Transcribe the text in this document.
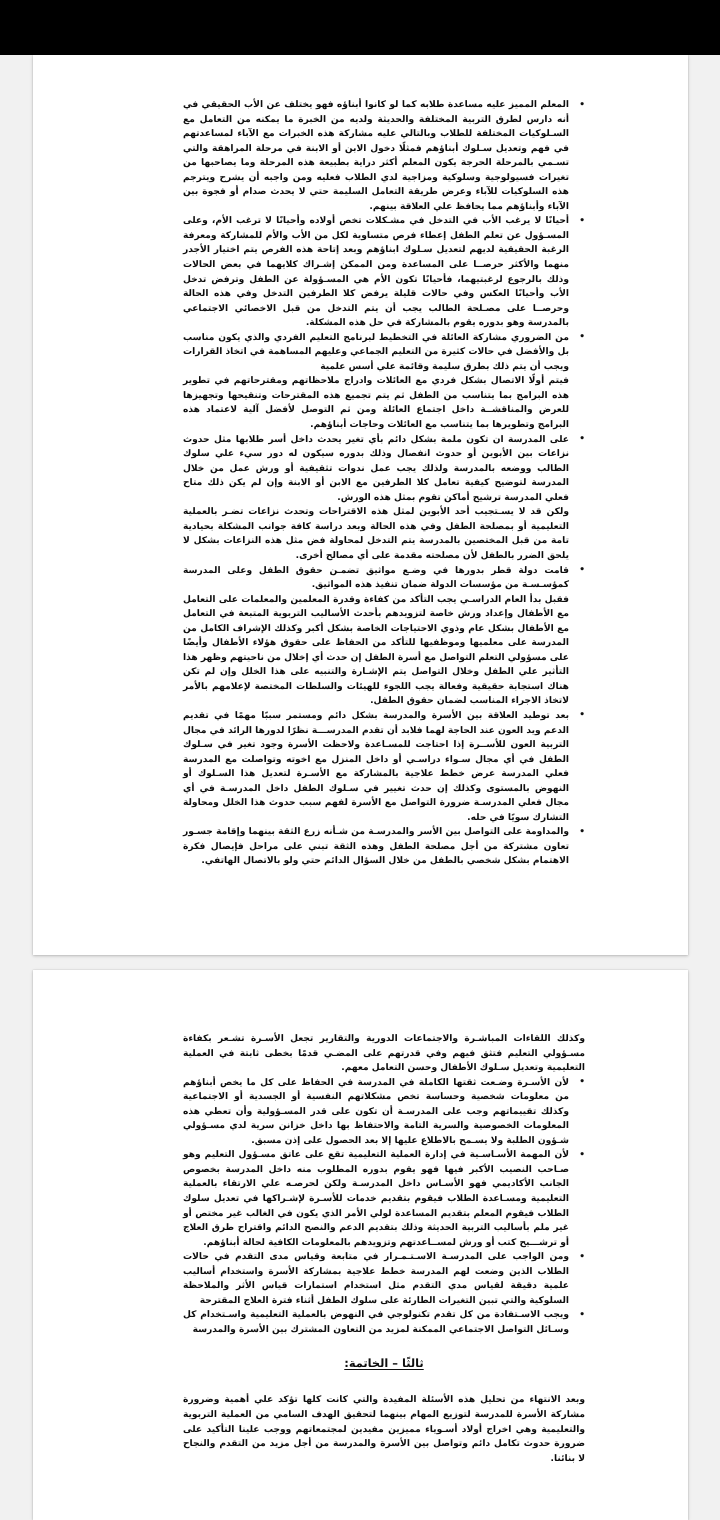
• المعلم المميز عليه مساعدة طلابه كما لو كانوا أبناؤه فهو يختلف عن الأب الحقيقي في أنه دارس لطرق التربية المختلفة والحديثة ولديه من الخبرة ما يمكنه من التعامل مع السـلوكيات المختلفة للطلاب وبالتالي عليه مشاركة هذه الخبرات مع الآباء لمساعدتهم في فهم وتعديل سـلوك أبناؤهم فمثلًا دخول الابن أو الابنة في مرحلة المراهقة والتي تسـمي بالمرحلة الحرجة يكون المعلم أكثر دراية بطبيعة هذه المرحلة وما يصاحبها من تغيرات فسيولوجية وسلوكية ومزاجية لدي الطلاب فعليه ومن واجبه أن يشرح ويترجم هذه السلوكيات للآباء وعرض طريقة التعامل السليمة حتي لا يحدث صدام أو فجوة بين الآباء وأبناؤهم مما يحافظ علي العلاقة بينهم.

• أحيانًا لا يرغب الأب في التدخل في مشـكلات تخص أولاده وأحيانًا لا ترغب الأم، وعلى المسـؤول عن تعلم الطفل إعطاء فرص متساوية لكل من الأب والأم للمشاركة ومعرفة الرغبة الحقيقية لديهم لتعديل سـلوك ابناؤهم وبعد إتاحة هذه الفرص يتم اختيار الأجدر منهما والأكثر حرصــا على المساعدة ومن الممكن إشـراك كلايهما في بعض الحالات وذلك بالرجوع لرغبتيهما، فأحيانًا تكون الأم هي المسـؤولة عن الطفل وترفض تدخل الأب وأحيانًا العكس وفي حالات قليلة يرفض كلا الطرفين التدخل وفي هذه الحالة وحرصــا على مصـلحة الطالب يجب أن يتم التدخل من قبل الاخصائي الاجتماعي بالمدرسة وهو بدوره يقوم بالمشاركة في حل هذه المشكلة.

• من الضروري مشاركة العائلة في التخطيط لبرنامج التعليم الفردي والذي يكون مناسب بل والأفضل في حالات كثيرة من التعليم الجماعي وعليهم المساهمة في اتخاذ القرارات ويجب أن يتم ذلك بطرق سليمة وقائمة علي أسس علمية

فيتم أولًا الاتصال بشكل فردي مع العائلات وادراج ملاحظاتهم ومقترحاتهم في تطوير هذه البرامج بما يتناسب من الطفل ثم يتم تجميع هذه المقترحات وتنقيحها وتجهيزها للعرض والمناقشــة داخل اجتماع العائلة ومن ثم التوصل لأفضل آلية لاعتماد هذه البرامج وتطويرها بما يتناسب مع العائلات وحاجات أبناؤهم.

• على المدرسة ان تكون ملمة بشكل دائم بأي تغير يحدث داخل أسر طلابها مثل حدوث نزاعات بين الأبوين أو حدوث انفصال وذلك بدوره سيكون له دور سيء علي سلوك الطالب ووضعه بالمدرسة ولذلك يجب عمل ندوات تثقيفية أو ورش عمل من خلال المدرسة لتوضيح كيفية تعامل كلا الطرفين مع الابن أو الابنة وإن لم يكن ذلك متاح فعلي المدرسة ترشيح أماكن تقوم بمثل هذه الورش.

ولكن قد لا يسـتجيب أحد الأبوين لمثل هذه الاقتراحات وتحدث نزاعات تضـر بالعملية التعليمية أو بمصلحة الطفل وفي هذه الحالة وبعد دراسة كافة جوانب المشكلة بحيادية تامة من قبل المختصين بالمدرسة يتم التدخل لمحاولة فض مثل هذه النزاعات بشكل لا يلحق الضرر بالطفل لأن مصلحته مقدمة على أي مصالح أخرى.

• قامت دولة قطر بدورها في وضـع مواثيق تضمـن حقوق الطفل وعلى المدرسة كمؤسـسـة من مؤسسات الدولة ضمان تنفيذ هذه المواثيق.

فقبل بدأ العام الدراسـي يجب التأكد من كفاءة وقدرة المعلمين والمعلمات على التعامل مع الأطفال وإعداد ورش خاصة لتزويدهم بأحدث الأساليب التربوية المتبعة في التعامل مع الأطفال بشكل عام وذوي الاحتياجات الخاصة بشكل أكبر وكذلك الإشراف الكامل من المدرسة على معلميها وموظفيها للتأكد من الحفاظ على حقوق هؤلاء الأطفال وأيضًا على مسؤولي التعلم التواصل مع أسرة الطفل إن حدث أي إخلال من ناحيتهم وظهر هذا التأثير علي الطفل وخلال التواصل يتم الإشـارة والتنبيه على هذا الخلل وإن لم تكن هناك استجابة حقيقية وفعالة يجب اللجوء للهيئات والسلطات المختصة لإعلامهم بالأمر لاتخاذ الاجراء المناسب لضمان حقوق الطفل.

• بعد توطيد العلاقة بين الأسرة والمدرسة بشكل دائم ومستمر سببًا مهمًا في تقديم الدعم ويد العون عند الحاجة لهما فلابد أن تقدم المدرســـة نظرًا لدورها الرائد في مجال التربية العون للأســرة إذا احتاجت للمسـاعدة ولاحظت الأسرة وجود تغير في سـلوك الطفل في أي مجال سـواء دراسـي أو داخل المنزل مع اخوته وتواصلت مع المدرسة فعلي المدرسة عرض خطط علاجية بالمشاركة مع الأسـرة لتعديل هذا السـلوك أو النهوض بالمستوى وكذلك إن حدث تغيير في سـلوك الطفل داخل المدرسـة في أي مجال فعلي المدرسـة ضرورة التواصل مع الأسرة لفهم سبب حدوث هذا الخلل ومحاولة التشارك سويًا في حله.

• والمداومة على التواصل بين الأسر والمدرسـة من شـأنه زرع الثقة بينهما وإقامة جسـور تعاون مشتركة من أجل مصلحة الطفل وهذه الثقة تبني على مراحل فإيصال فكرة الاهتمام بشكل شخصي بالطفل من خلال السؤال الدائم حتي ولو بالاتصال الهاتفي.

وكذلك اللقاءات المباشـرة والاجتماعات الدورية والتقارير تجعل الأسـرة تشـعر بكفاءة مسـؤولي التعليم فتثق فيهم وفي قدرتهم على المضـي قدمًا بخطى ثابتة في العملية التعليمية وتعديل سـلوك الأطفال وحسن التعامل معهم.

• لأن الأسـرة وضـعت ثقتها الكاملة في المدرسة في الحفاظ على كل ما يخص أبناؤهم من معلومات شخصية وحساسة تخص مشكلاتهم النفسية أو الجسدية أو الاجتماعية وكذلك تقييماتهم وجب على المدرسـة أن تكون على قدر المسـؤولية وأن تعطي هذه المعلومات الخصوصية والسرية التامة والاحتفاظ بها داخل خزانن سرية لدي مسـؤولي شـؤون الطلبة ولا يسـمح بالاطلاع عليها إلا بعد الحصول على إذن مسبق.

• لأن المهمة الأسـاسـية في إدارة العملية التعليمية تقع على عاتق مسـؤول التعليم وهو صـاحب النصيب الأكبر فيها فهو يقوم بدوره المطلوب منه داخل المدرسة بخصوص الجانب الأكاديمي فهو الأسـاس داخل المدرسـة ولكن لحرصـه علي الارتقاء بالعملية التعليمية ومسـاعدة الطلاب فيقوم بتقديم خدمات للأسـرة لإشـراكها في تعديل سلوك الطلاب فيقوم المعلم بتقديم المساعدة لولي الأمر الذي يكون في الغالب غير مختص أو غير ملم بأساليب التربية الحديثة وذلك بتقديم الدعم والنصح الدائم واقتراح طرق العلاج أو ترشـــيح كتب أو ورش لمســاعدتهم وتزويدهم بالمعلومات الكافية لحالة أبناؤهم.

• ومن الواجب على المدرسـة الاسـتـمـرار في متابعة وقياس مدى التقدم في حالات الطلاب الذين وضعت لهم المدرسة خطط علاجية بمشاركة الأسرة واستخدام أساليب علمية دقيقة لقياس مدي التقدم مثل استخدام استمارات قياس الأثر والملاحظة السلوكية والتي تبين التغيرات الطارئة على سلوك الطفل أثناء فترة العلاج المقترحة

• ويجب الاسـتفادة من كل تقدم تكنولوجي في النهوض بالعملية التعليمية واسـتخدام كل وسـائل التواصل الاجتماعي الممكنة لمزيد من التعاون المشترك بين الأسرة والمدرسة

ثالثًا – الخاتمة:

وبعد الانتهاء من تحليل هذه الأسئلة المفيدة والتي كانت كلها تؤكد علي أهمية وضرورة مشاركة الأسرة للمدرسة لتوزيع المهام بينهما لتحقيق الهدف السامي من العملية التربوية والتعليمية وهي اخراج أولاد أسـوياء مميزين مفيدين لمجتمعاتهم ووجب علينا التأكيد على ضرورة حدوث تكامل دائم وتواصل بين الأسرة والمدرسة من أجل مزيد من التقدم والنجاح لا بنائنا.
